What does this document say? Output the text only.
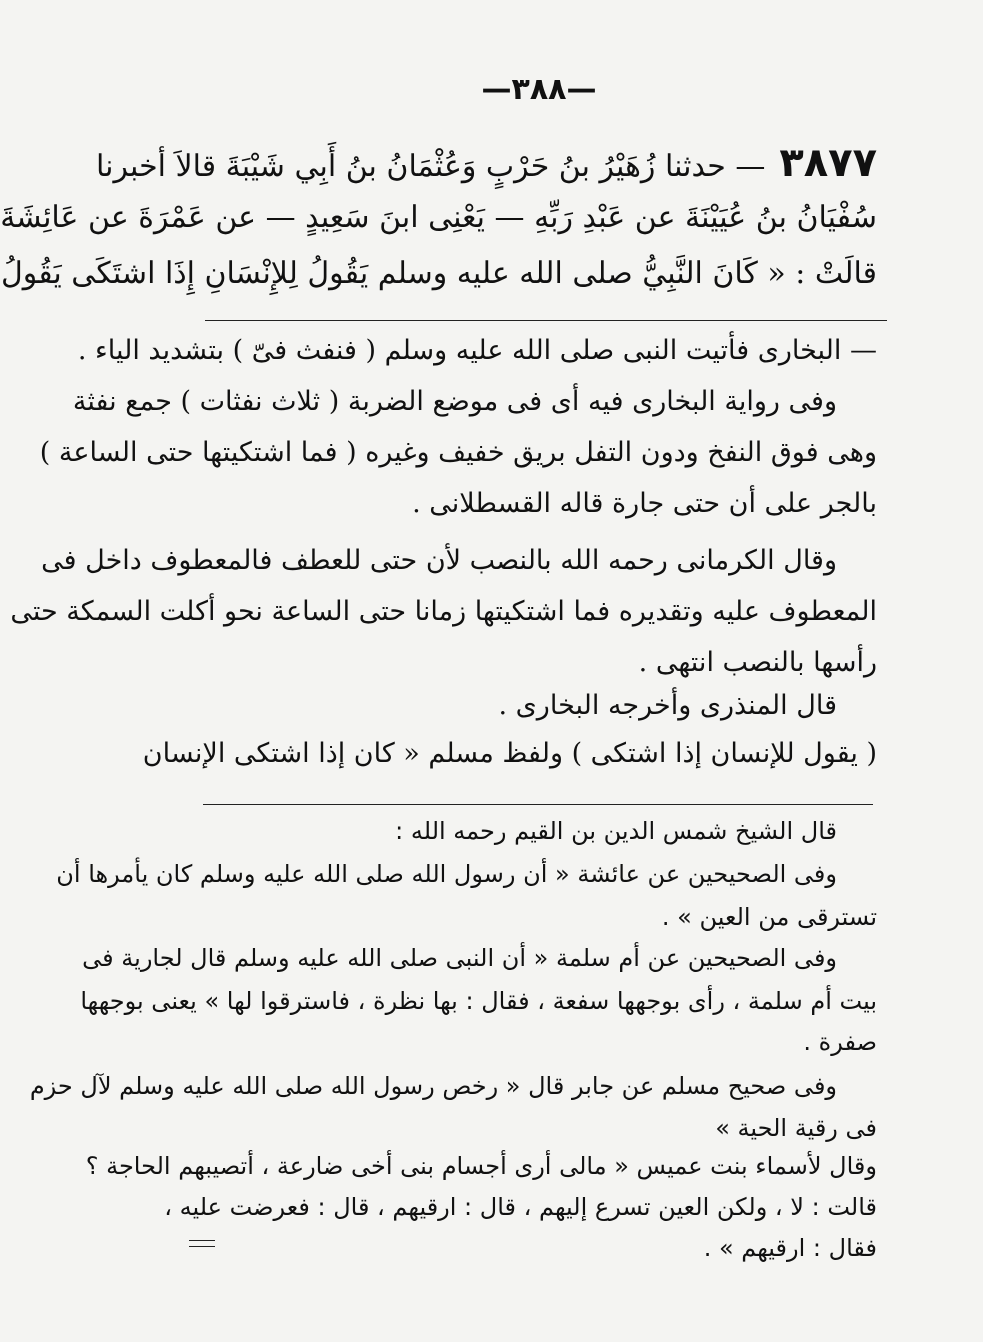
—٣٨٨—
٣٨٧٧— حدثنا زُهَيْرُ بنُ حَرْبٍ وَعُثْمَانُ بنُ أَبِي شَيْبَةَ قالاَ أخبرنا
سُفْيَانُ بنُ عُيَيْنَةَ عن عَبْدِ رَبِّهِ — يَعْنِى ابنَ سَعِيدٍ — عن عَمْرَةَ عن عَائِشَةَ
قالَتْ : « كَانَ النَّبِيُّ صلى الله عليه وسلم يَقُولُ لِلإِنْسَانِ إِذَا اشتَكَى يَقُولُ
— البخارى فأتيت النبى صلى الله عليه وسلم ( فنفث فىّ ) بتشديد الياء .
وفى رواية البخارى فيه أى فى موضع الضربة ( ثلاث نفثات ) جمع نفثة
وهى فوق النفخ ودون التفل بريق خفيف وغيره ( فما اشتكيتها حتى الساعة )
بالجر على أن حتى جارة قاله القسطلانى .
وقال الكرمانى رحمه الله بالنصب لأن حتى للعطف فالمعطوف داخل فى
المعطوف عليه وتقديره فما اشتكيتها زمانا حتى الساعة نحو أكلت السمكة حتى
رأسها بالنصب انتهى .
قال المنذرى وأخرجه البخارى .
( يقول للإنسان إذا اشتكى ) ولفظ مسلم « كان إذا اشتكى الإنسان
قال الشيخ شمس الدين بن القيم رحمه الله :
وفى الصحيحين عن عائشة « أن رسول الله صلى الله عليه وسلم كان يأمرها أن
تسترقى من العين » .
وفى الصحيحين عن أم سلمة « أن النبى صلى الله عليه وسلم قال لجارية فى
بيت أم سلمة ، رأى بوجهها سفعة ، فقال : بها نظرة ، فاسترقوا لها » يعنى بوجهها
صفرة .
وفى صحيح مسلم عن جابر قال « رخص رسول الله صلى الله عليه وسلم لآل حزم
فى رقية الحية »
وقال لأسماء بنت عميس « مالى أرى أجسام بنى أخى ضارعة ، أتصيبهم الحاجة ؟
قالت : لا ، ولكن العين تسرع إليهم ، قال : ارقيهم ، قال : فعرضت عليه ،
فقال : ارقيهم » .
